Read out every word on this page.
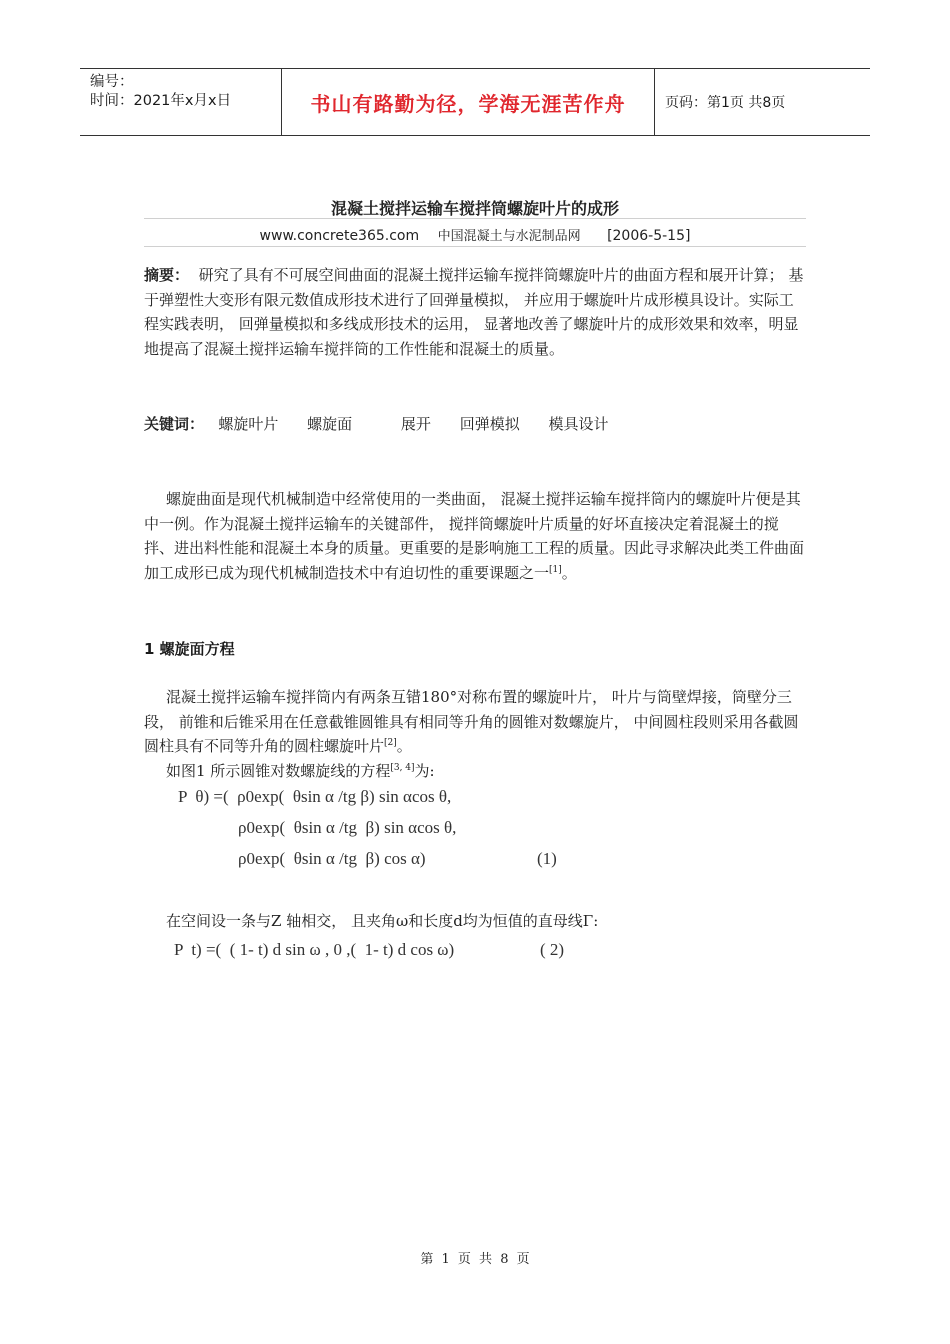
编号：
时间：2021年x月x日	书山有路勤为径，学海无涯苦作舟	页码：第1页 共8页
混凝土搅拌运输车搅拌筒螺旋叶片的成形
www.concrete365.com 中国混凝土与水泥制品网 [2006-5-15]
摘要： 研究了具有不可展空间曲面的混凝土搅拌运输车搅拌筒螺旋叶片的曲面方程和展开计算； 基于弹塑性大变形有限元数值成形技术进行了回弹量模拟， 并应用于螺旋叶片成形模具设计。实际工程实践表明， 回弹量模拟和多线成形技术的运用， 显著地改善了螺旋叶片的成形效果和效率，明显地提高了混凝土搅拌运输车搅拌筒的工作性能和混凝土的质量。
关键词： 螺旋叶片 螺旋面	展开 回弹模拟 模具设计
螺旋曲面是现代机械制造中经常使用的一类曲面， 混凝土搅拌运输车搅拌筒内的螺旋叶片便是其中一例。作为混凝土搅拌运输车的关键部件， 搅拌筒螺旋叶片质量的好坏直接决定着混凝土的搅拌、进出料性能和混凝土本身的质量。更重要的是影响施工工程的质量。因此寻求解决此类工件曲面加工成形已成为现代机械制造技术中有迫切性的重要课题之一[1]。
1 螺旋面方程
混凝土搅拌运输车搅拌筒内有两条互错180°对称布置的螺旋叶片， 叶片与筒壁焊接，筒壁分三段， 前锥和后锥采用在任意截锥圆锥具有相同等升角的圆锥对数螺旋片， 中间圆柱段则采用各截圆圆柱具有不同等升角的圆柱螺旋叶片[2]。
如图1 所示圆锥对数螺旋线的方程[3, 4]为:
P  θ) =(  ρ0exp(  θsin α /tg β) sin αcos θ,
ρ0exp(  θsin α /tg  β) sin αcos θ,
ρ0exp(  θsin α /tg  β) cos α)	(1)
在空间设一条与Z 轴相交， 且夹角ω和长度d均为恒值的直母线Γ:
P  t) =(  ( 1- t) d sin ω , 0 ,(  1- t) d cos ω)	( 2)
第 1 页 共 8 页
